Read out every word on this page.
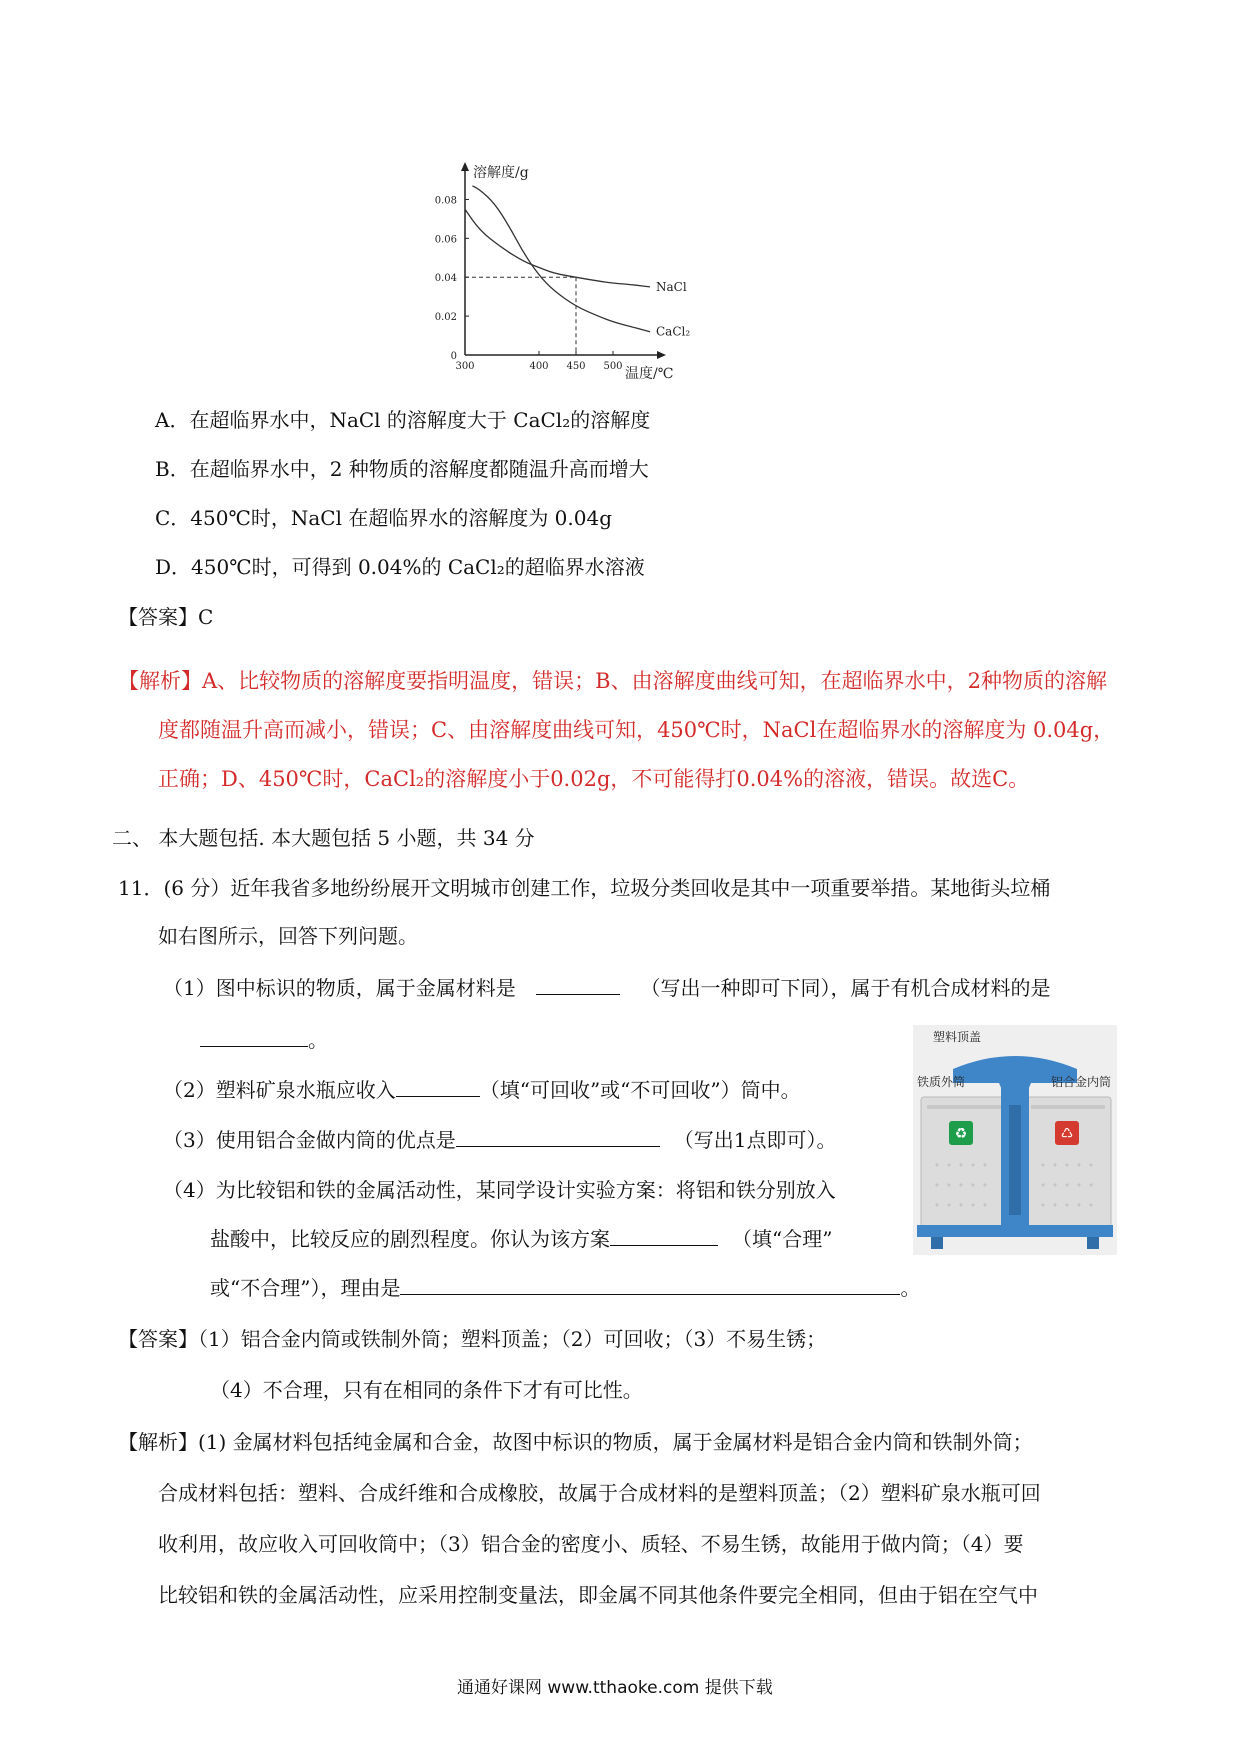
溶解度/g
温度/℃
0.08
0.06
0.04
0.02
0
300	400 450 500
NaCl
CaCl₂
A．在超临界水中，NaCl 的溶解度大于 CaCl₂的溶解度
B．在超临界水中，2 种物质的溶解度都随温升高而增大
C．450℃时，NaCl 在超临界水的溶解度为 0.04g
D．450℃时，可得到 0.04%的 CaCl₂的超临界水溶液
【答案】C
【解析】A、比较物质的溶解度要指明温度，错误；B、由溶解度曲线可知，在超临界水中，2种物质的溶解
度都随温升高而减小，错误；C、由溶解度曲线可知，450℃时，NaCl在超临界水的溶解度为 0.04g，
正确；D、450℃时，CaCl₂的溶解度小于0.02g，不可能得打0.04%的溶液，错误。故选C。
二、 本大题包括. 本大题包括 5 小题，共 34 分
11．(6 分）近年我省多地纷纷展开文明城市创建工作，垃圾分类回收是其中一项重要举措。某地街头垃桶
如右图所示，回答下列问题。
（1）图中标识的物质，属于金属材料是	（写出一种即可下同），属于有机合成材料的是
。
（2）塑料矿泉水瓶应收入	（填“可回收”或“不可回收”）筒中。
（3）使用铝合金做内筒的优点是	（写出1点即可）。
（4）为比较铝和铁的金属活动性，某同学设计实验方案：将铝和铁分别放入
盐酸中，比较反应的剧烈程度。你认为该方案	（填“合理”
或“不合理”），理由是	。
♻	♺
塑料顶盖
铁质外筒	铝合金内筒
【答案】（1）铝合金内筒或铁制外筒；塑料顶盖；（2）可回收；（3）不易生锈；
（4）不合理，只有在相同的条件下才有可比性。
【解析】(1) 金属材料包括纯金属和合金，故图中标识的物质，属于金属材料是铝合金内筒和铁制外筒；
合成材料包括：塑料、合成纤维和合成橡胶，故属于合成材料的是塑料顶盖；（2）塑料矿泉水瓶可回
收利用，故应收入可回收筒中；（3）铝合金的密度小、质轻、不易生锈，故能用于做内筒；（4）要
比较铝和铁的金属活动性，应采用控制变量法，即金属不同其他条件要完全相同，但由于铝在空气中
通通好课网 www.tthaoke.com 提供下载
